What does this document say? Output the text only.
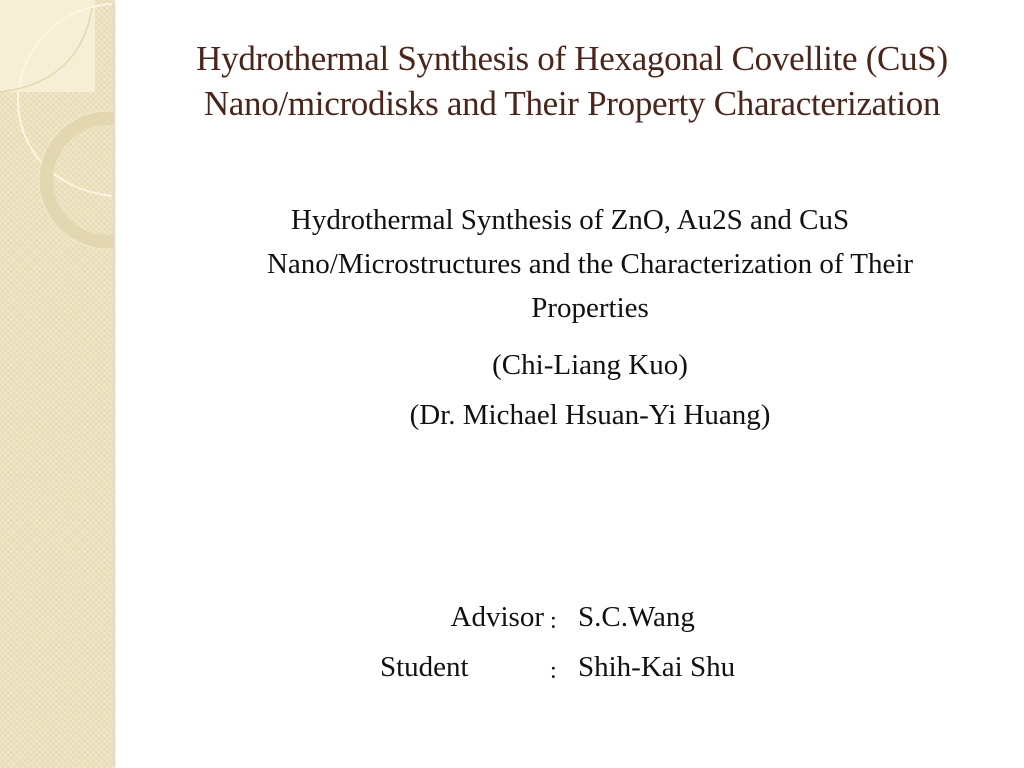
Hydrothermal Synthesis of Hexagonal Covellite (CuS)
Nano/microdisks and Their Property Characterization
Hydrothermal Synthesis of ZnO, Au2S and CuS
Nano/Microstructures and the Characterization of Their
Properties
(Chi-Liang Kuo)
(Dr. Michael Hsuan-Yi Huang)
Advisor : S.C.Wang
Student	: Shih-Kai Shu
